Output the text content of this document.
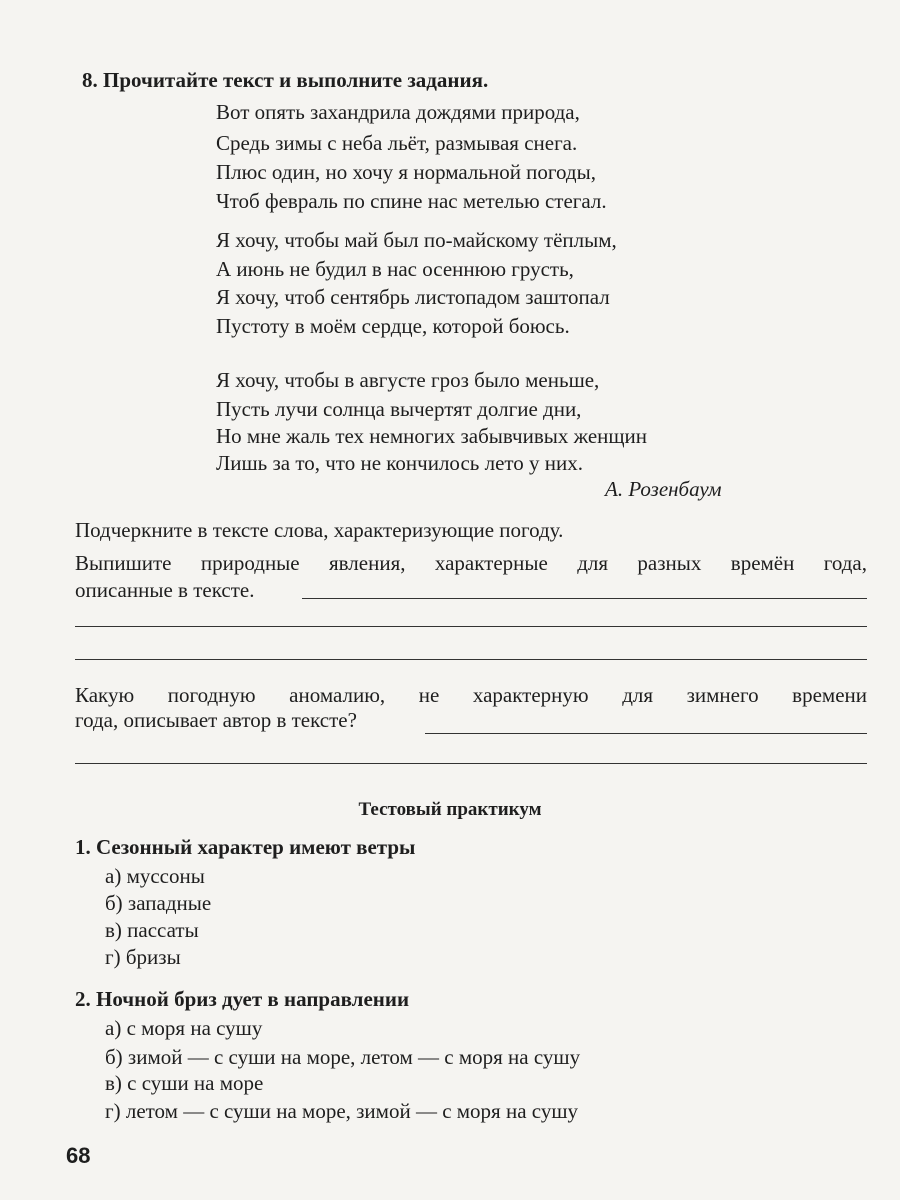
8. Прочитайте текст и выполните задания.
Вот опять захандрила дождями природа,
Средь зимы с неба льёт, размывая снега.
Плюс один, но хочу я нормальной погоды,
Чтоб февраль по спине нас метелью стегал.
Я хочу, чтобы май был по-майскому тёплым,
А июнь не будил в нас осеннюю грусть,
Я хочу, чтоб сентябрь листопадом заштопал
Пустоту в моём сердце, которой боюсь.
Я хочу, чтобы в августе гроз было меньше,
Пусть лучи солнца вычертят долгие дни,
Но мне жаль тех немногих забывчивых женщин
Лишь за то, что не кончилось лето у них.
А. Розенбаум
Подчеркните в тексте слова, характеризующие погоду.
Выпишите природные явления, характерные для разных времён года,
описанные в тексте.
Какую погодную аномалию, не характерную для зимнего времени
года, описывает автор в тексте?
Тестовый практикум
1. Сезонный характер имеют ветры
а) муссоны
б) западные
в) пассаты
г) бризы
2. Ночной бриз дует в направлении
а) с моря на сушу
б) зимой — с суши на море, летом — с моря на сушу
в) с суши на море
г) летом — с суши на море, зимой — с моря на сушу
68
